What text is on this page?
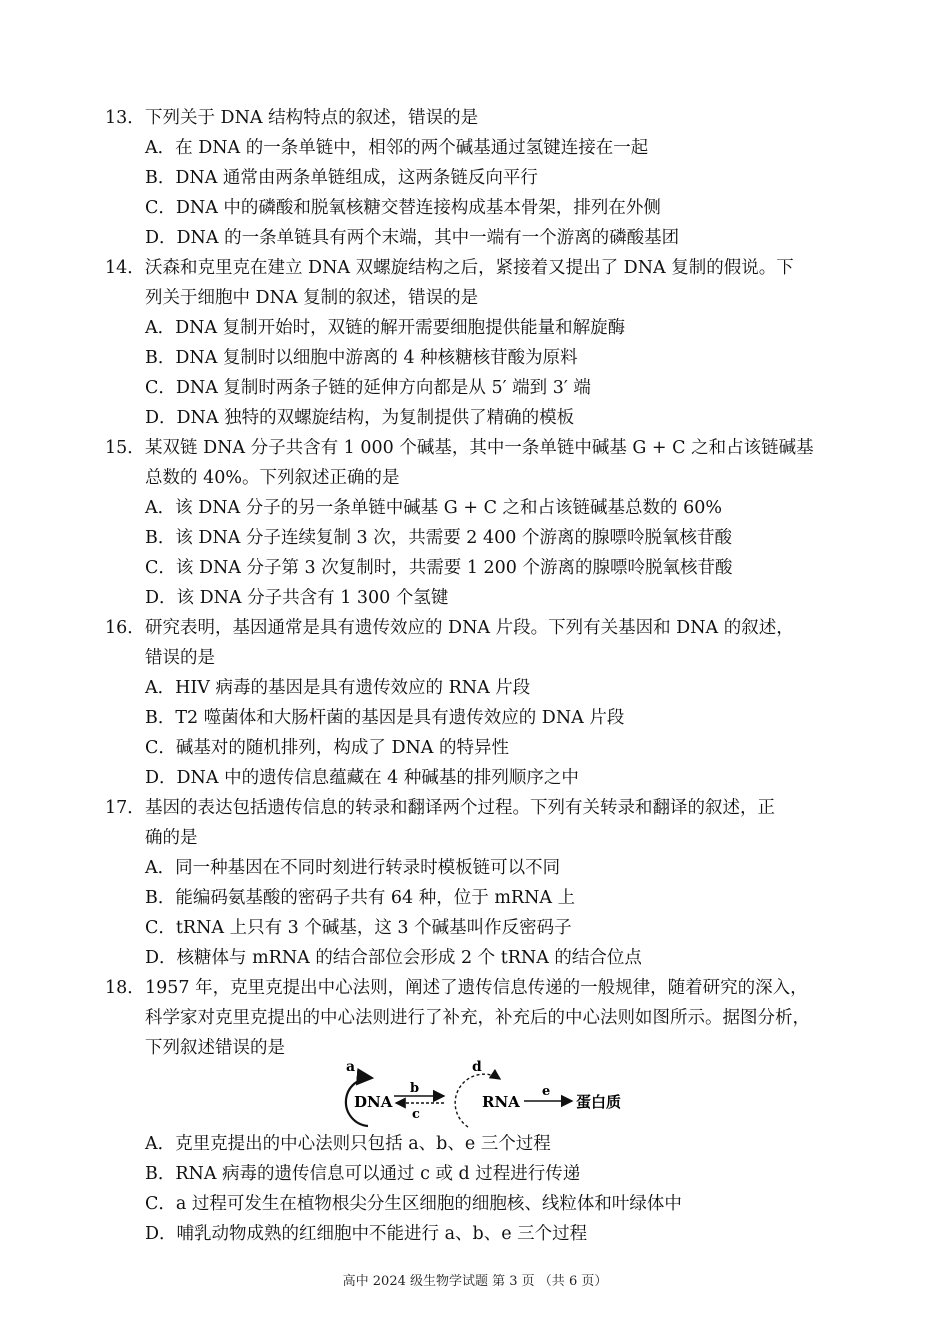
13． 下列关于 DNA 结构特点的叙述，错误的是
A．在 DNA 的一条单链中，相邻的两个碱基通过氢键连接在一起
B．DNA 通常由两条单链组成，这两条链反向平行
C．DNA 中的磷酸和脱氧核糖交替连接构成基本骨架，排列在外侧
D．DNA 的一条单链具有两个末端，其中一端有一个游离的磷酸基团
14． 沃森和克里克在建立 DNA 双螺旋结构之后，紧接着又提出了 DNA 复制的假说。下
列关于细胞中 DNA 复制的叙述，错误的是
A．DNA 复制开始时，双链的解开需要细胞提供能量和解旋酶
B．DNA 复制时以细胞中游离的 4 种核糖核苷酸为原料
C．DNA 复制时两条子链的延伸方向都是从 5′ 端到 3′ 端
D．DNA 独特的双螺旋结构，为复制提供了精确的模板
15． 某双链 DNA 分子共含有 1 000 个碱基，其中一条单链中碱基 G + C 之和占该链碱基
总数的 40%。下列叙述正确的是
A．该 DNA 分子的另一条单链中碱基 G + C 之和占该链碱基总数的 60%
B．该 DNA 分子连续复制 3 次，共需要 2 400 个游离的腺嘌呤脱氧核苷酸
C．该 DNA 分子第 3 次复制时，共需要 1 200 个游离的腺嘌呤脱氧核苷酸
D．该 DNA 分子共含有 1 300 个氢键
16． 研究表明，基因通常是具有遗传效应的 DNA 片段。下列有关基因和 DNA 的叙述，
错误的是
A．HIV 病毒的基因是具有遗传效应的 RNA 片段
B．T2 噬菌体和大肠杆菌的基因是具有遗传效应的 DNA 片段
C．碱基对的随机排列，构成了 DNA 的特异性
D．DNA 中的遗传信息蕴藏在 4 种碱基的排列顺序之中
17． 基因的表达包括遗传信息的转录和翻译两个过程。下列有关转录和翻译的叙述，正
确的是
A．同一种基因在不同时刻进行转录时模板链可以不同
B．能编码氨基酸的密码子共有 64 种，位于 mRNA 上
C．tRNA 上只有 3 个碱基，这 3 个碱基叫作反密码子
D．核糖体与 mRNA 的结合部位会形成 2 个 tRNA 的结合位点
18． 1957 年，克里克提出中心法则，阐述了遗传信息传递的一般规律，随着研究的深入，
科学家对克里克提出的中心法则进行了补充，补充后的中心法则如图所示。据图分析，
下列叙述错误的是
a
DNA
b
c
d
RNA
e
蛋白质
A．克里克提出的中心法则只包括 a、b、e 三个过程
B．RNA 病毒的遗传信息可以通过 c 或 d 过程进行传递
C．a 过程可发生在植物根尖分生区细胞的细胞核、线粒体和叶绿体中
D．哺乳动物成熟的红细胞中不能进行 a、b、e 三个过程
高中 2024 级生物学试题 第 3 页 （共 6 页）
